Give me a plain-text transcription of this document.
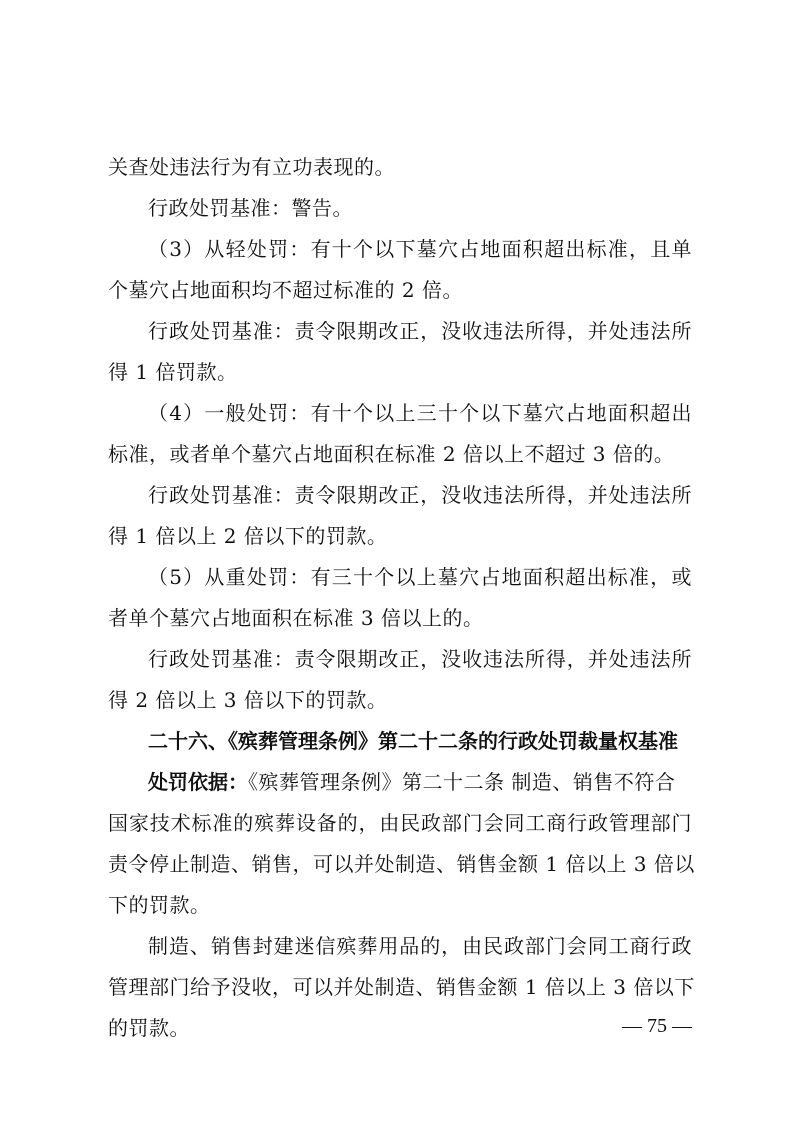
关查处违法行为有立功表现的。
行政处罚基准：警告。
（3）从轻处罚：有十个以下墓穴占地面积超出标准，且单
个墓穴占地面积均不超过标准的 2 倍。
行政处罚基准：责令限期改正，没收违法所得，并处违法所
得 1 倍罚款。
（4）一般处罚：有十个以上三十个以下墓穴占地面积超出
标准，或者单个墓穴占地面积在标准 2 倍以上不超过 3 倍的。
行政处罚基准：责令限期改正，没收违法所得，并处违法所
得 1 倍以上 2 倍以下的罚款。
（5）从重处罚：有三十个以上墓穴占地面积超出标准，或
者单个墓穴占地面积在标准 3 倍以上的。
行政处罚基准：责令限期改正，没收违法所得，并处违法所
得 2 倍以上 3 倍以下的罚款。
二十六、《殡葬管理条例》第二十二条的行政处罚裁量权基准
处罚依据：《殡葬管理条例》第二十二条 制造、销售不符合
国家技术标准的殡葬设备的，由民政部门会同工商行政管理部门
责令停止制造、销售，可以并处制造、销售金额 1 倍以上 3 倍以
下的罚款。
制造、销售封建迷信殡葬用品的，由民政部门会同工商行政
管理部门给予没收，可以并处制造、销售金额 1 倍以上 3 倍以下
的罚款。	— 75 —
